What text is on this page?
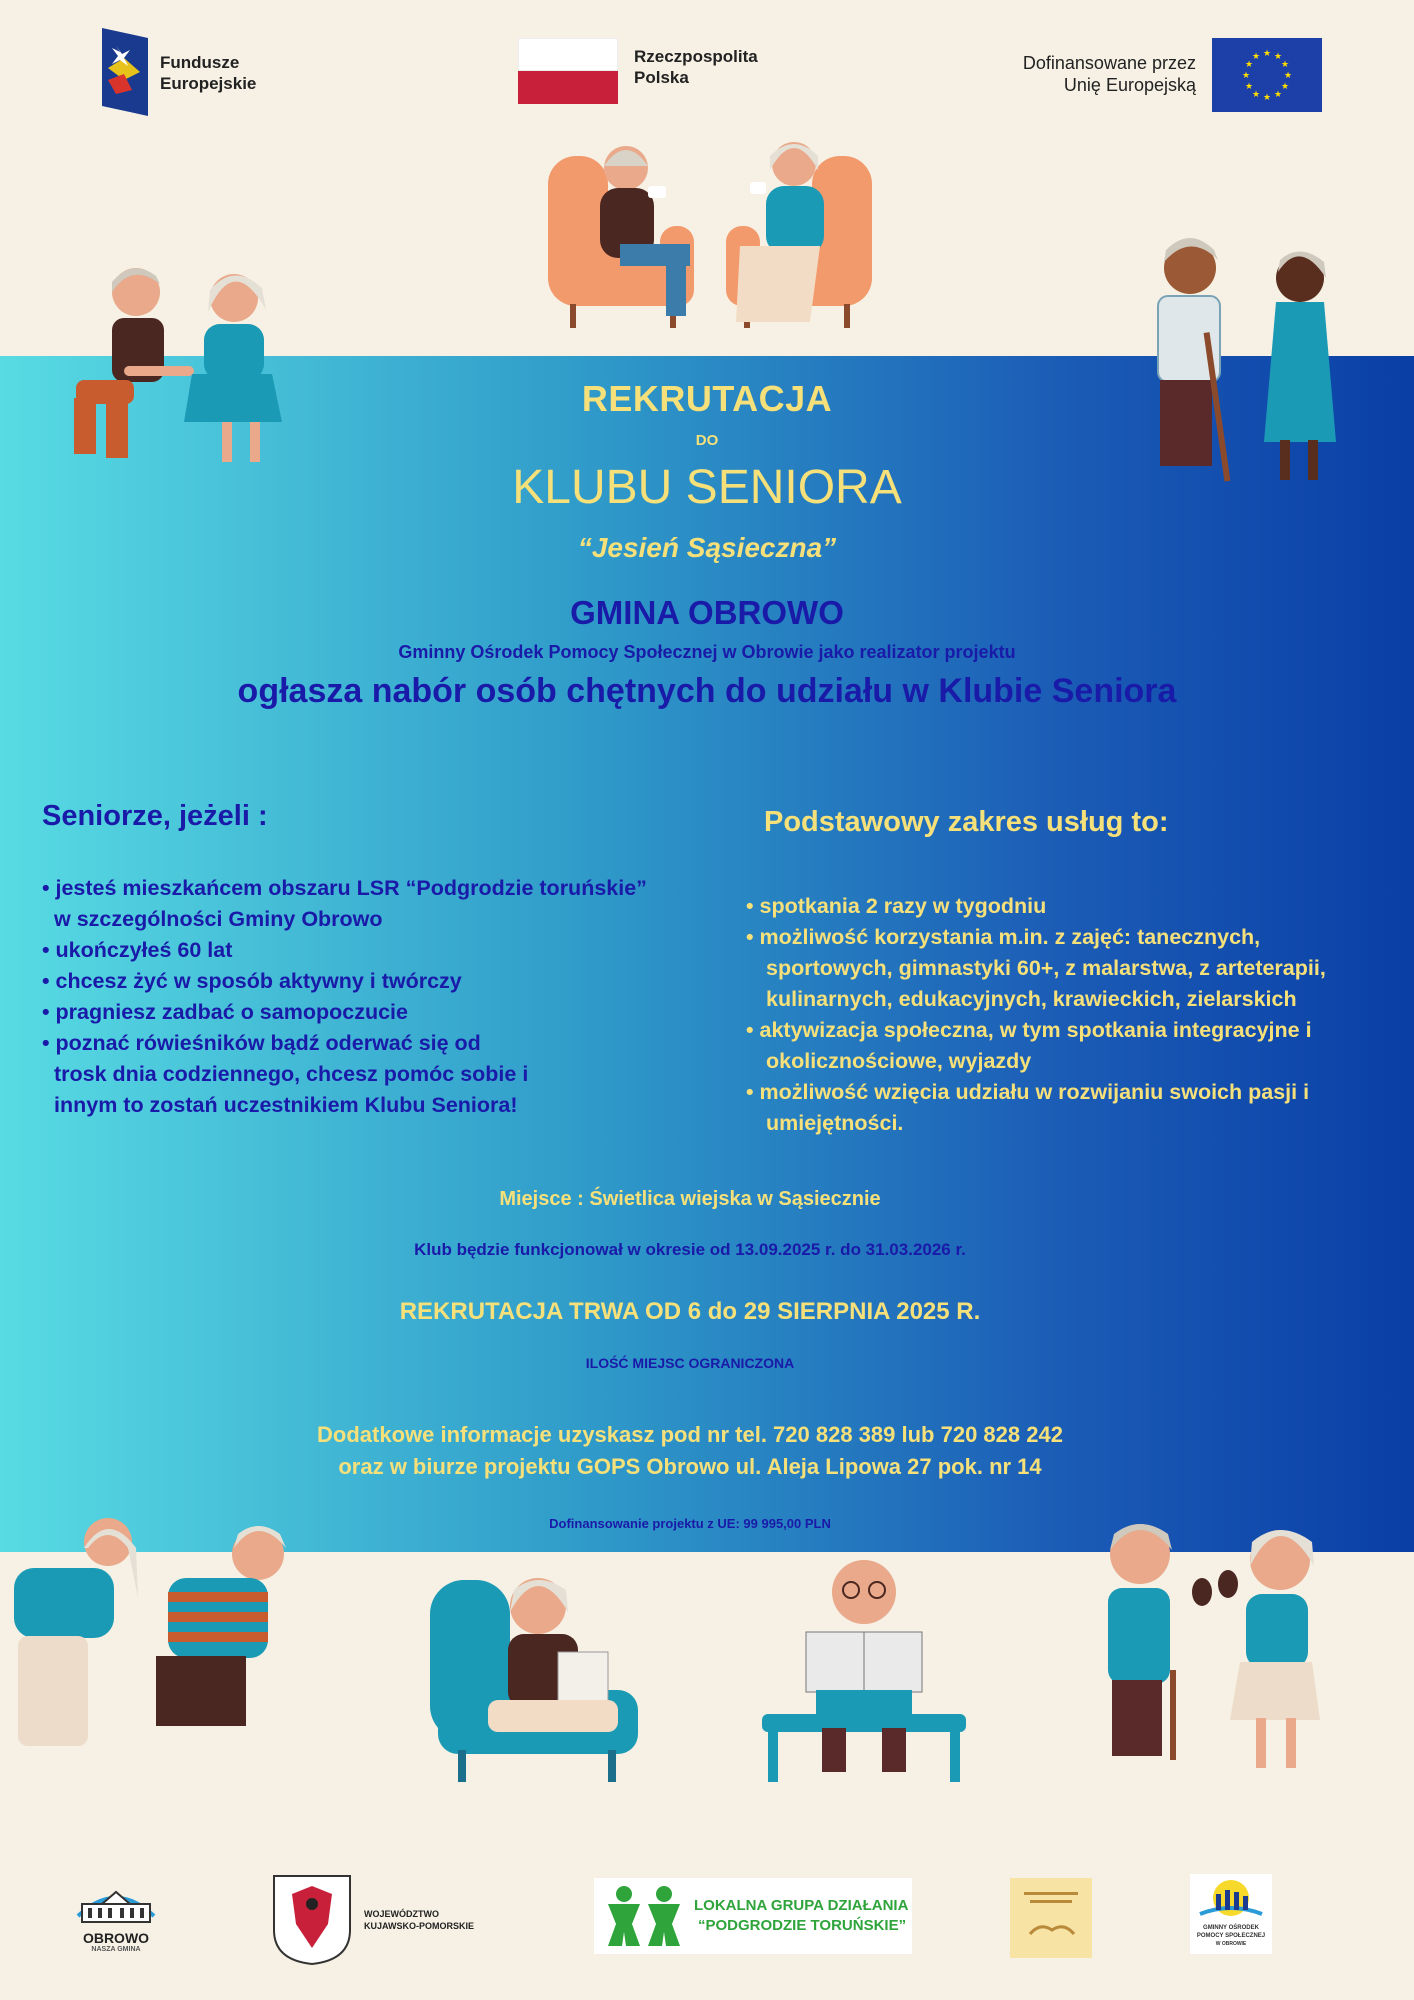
Fundusze
Europejskie
Rzeczpospolita
Polska
Dofinansowane przez
Unię Europejską
★ ★
★
★
★
★
★
★
★
★
★
★
REKRUTACJA
DO
KLUBU SENIORA
“Jesień Sąsieczna”
GMINA OBROWO
Gminny Ośrodek Pomocy Społecznej w Obrowie jako realizator projektu
ogłasza nabór osób chętnych do udziału w Klubie Seniora
Seniorze, jeżeli :
• jesteś mieszkańcem obszaru LSR “Podgrodzie toruńskie”
w szczególności Gminy Obrowo
• ukończyłeś 60 lat
• chcesz żyć w sposób aktywny i twórczy
• pragniesz zadbać o samopoczucie
• poznać rówieśników bądź oderwać się od
trosk dnia codziennego, chcesz pomóc sobie i
innym to zostań uczestnikiem Klubu Seniora!
Podstawowy zakres usług to:
• spotkania 2 razy w tygodniu
• możliwość korzystania m.in. z zajęć: tanecznych,
sportowych, gimnastyki 60+, z malarstwa, z arteterapii,
kulinarnych, edukacyjnych, krawieckich, zielarskich
• aktywizacja społeczna, w tym spotkania integracyjne i
okolicznościowe, wyjazdy
• możliwość wzięcia udziału w rozwijaniu swoich pasji i
umiejętności.
Miejsce : Świetlica wiejska w Sąsiecznie
Klub będzie funkcjonował w okresie od 13.09.2025 r. do 31.03.2026 r.
REKRUTACJA TRWA OD 6 do 29 SIERPNIA 2025 R.
ILOŚĆ MIEJSC OGRANICZONA
Dodatkowe informacje uzyskasz pod nr tel. 720 828 389 lub 720 828 242
oraz w biurze projektu GOPS Obrowo ul. Aleja Lipowa 27 pok. nr 14
Dofinansowanie projektu z UE: 99 995,00 PLN
OBROWO
NASZA GMINA
WOJEWÓDZTWO
KUJAWSKO-POMORSKIE
LOKALNA GRUPA DZIAŁANIA
“PODGRODZIE TORUŃSKIE”	GMINNY OŚRODEK
POMOCY SPOŁECZNEJ
W OBROWIE
